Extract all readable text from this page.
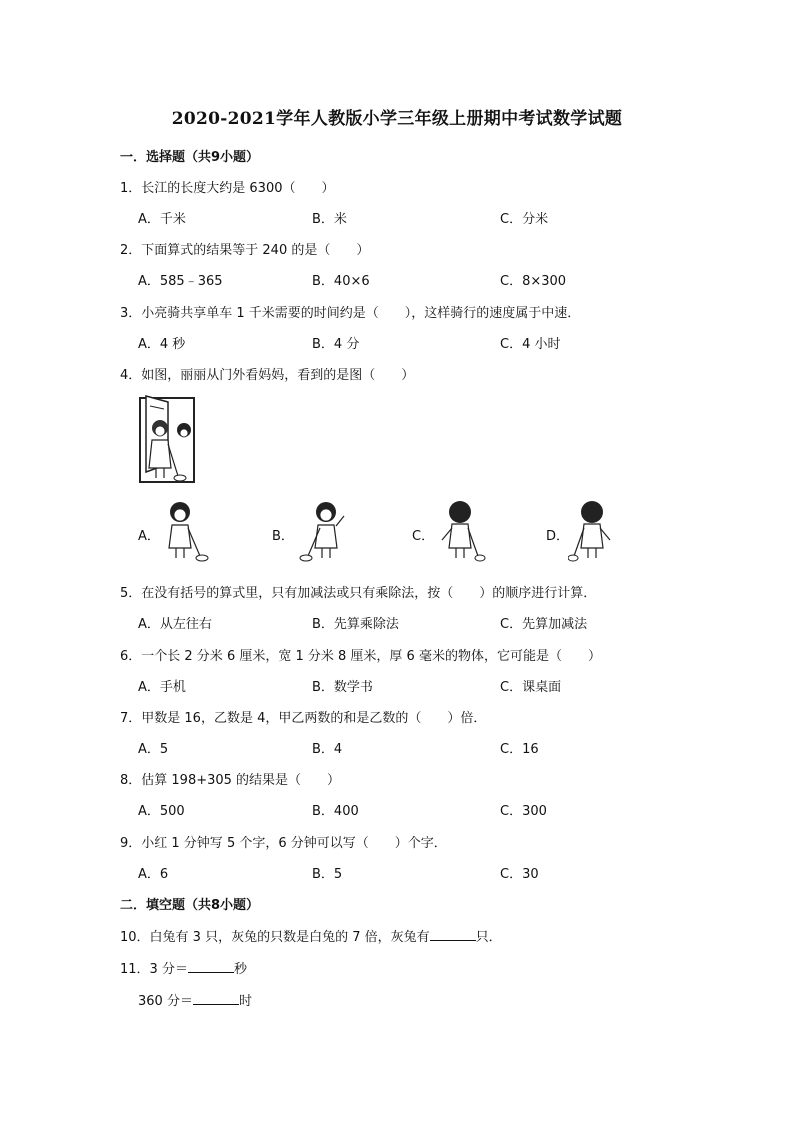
2020-2021学年人教版小学三年级上册期中考试数学试题
一．选择题（共9小题）
1．长江的长度大约是 6300（　　）
A．千米	B．米	C．分米
2．下面算式的结果等于 240 的是（　　）
A．585﹣365	B．40×6	C．8×300
3．小亮骑共享单车 1 千米需要的时间约是（　　），这样骑行的速度属于中速．
A．4 秒	B．4 分	C．4 小时
4．如图，丽丽从门外看妈妈，看到的是图（　　）
A．	B．	C．	D．
5．在没有括号的算式里，只有加减法或只有乘除法，按（　　）的顺序进行计算．
A．从左往右	B．先算乘除法	C．先算加减法
6．一个长 2 分米 6 厘米，宽 1 分米 8 厘米，厚 6 毫米的物体，它可能是（　　）
A．手机	B．数学书	C．课桌面
7．甲数是 16，乙数是 4，甲乙两数的和是乙数的（　　）倍．
A．5	B．4	C．16
8．估算 198+305 的结果是（　　）
A．500	B．400	C．300
9．小红 1 分钟写 5 个字，6 分钟可以写（　　）个字．
A．6	B．5	C．30
二．填空题（共8小题）
10．白兔有 3 只，灰兔的只数是白兔的 7 倍，灰兔有	只．
11．3 分＝	秒
360 分＝	时
